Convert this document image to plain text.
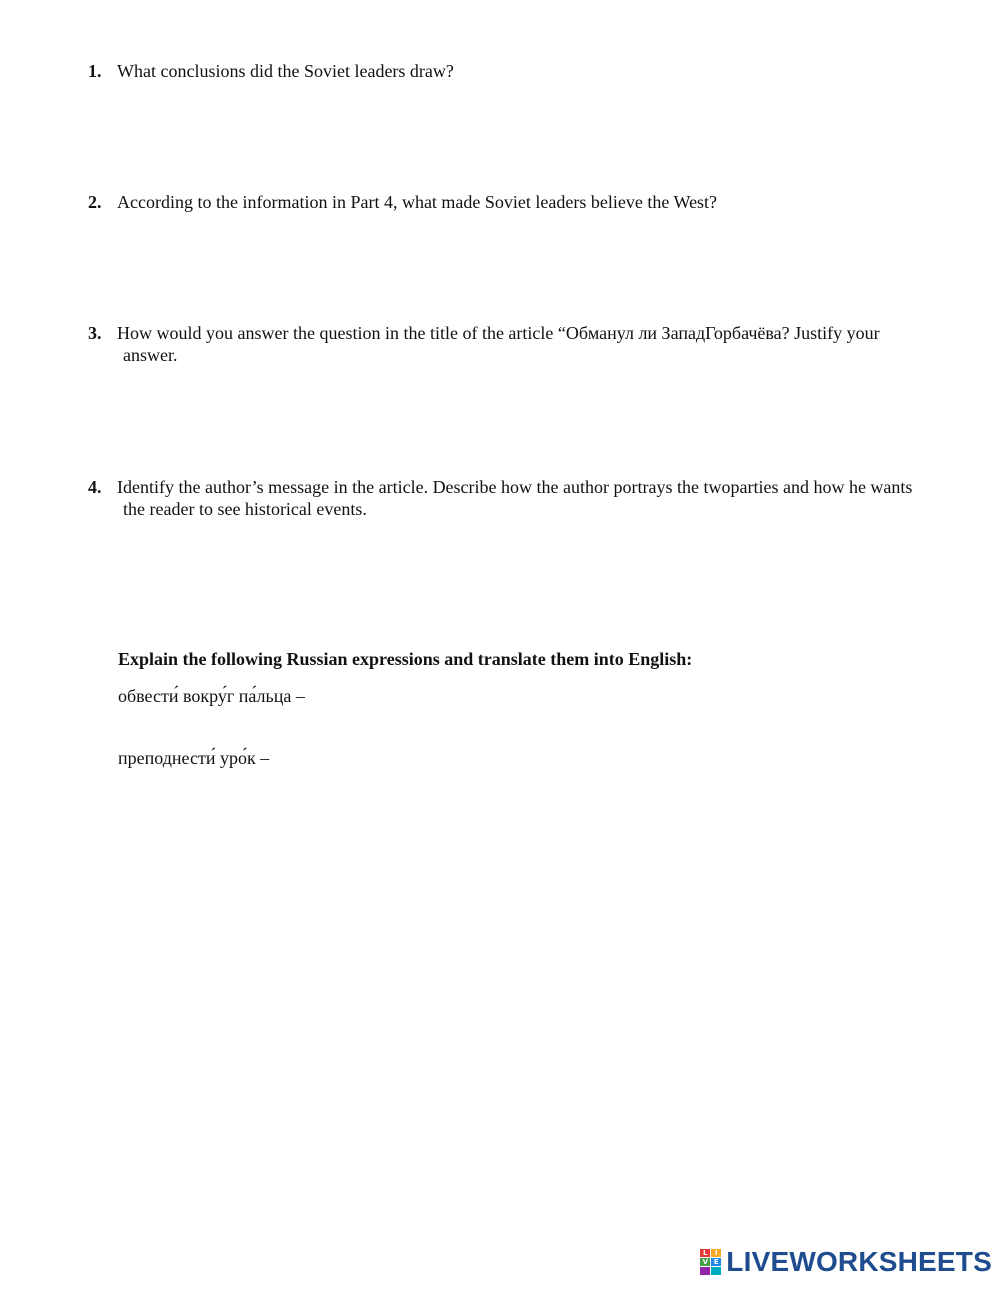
1. What conclusions did the Soviet leaders draw?
2. According to the information in Part 4, what made Soviet leaders believe the West?
3. How would you answer the question in the title of the article “Обманул ли ЗападГорбачёва? Justify your answer.
4. Identify the author’s message in the article. Describe how the author portrays the twoparties and how he wants the reader to see historical events.
Explain the following Russian expressions and translate them into English:
обвести́ вокру́г па́льца –
преподнести́ уро́к –
L	I
V E LIVEWORKSHEETS
